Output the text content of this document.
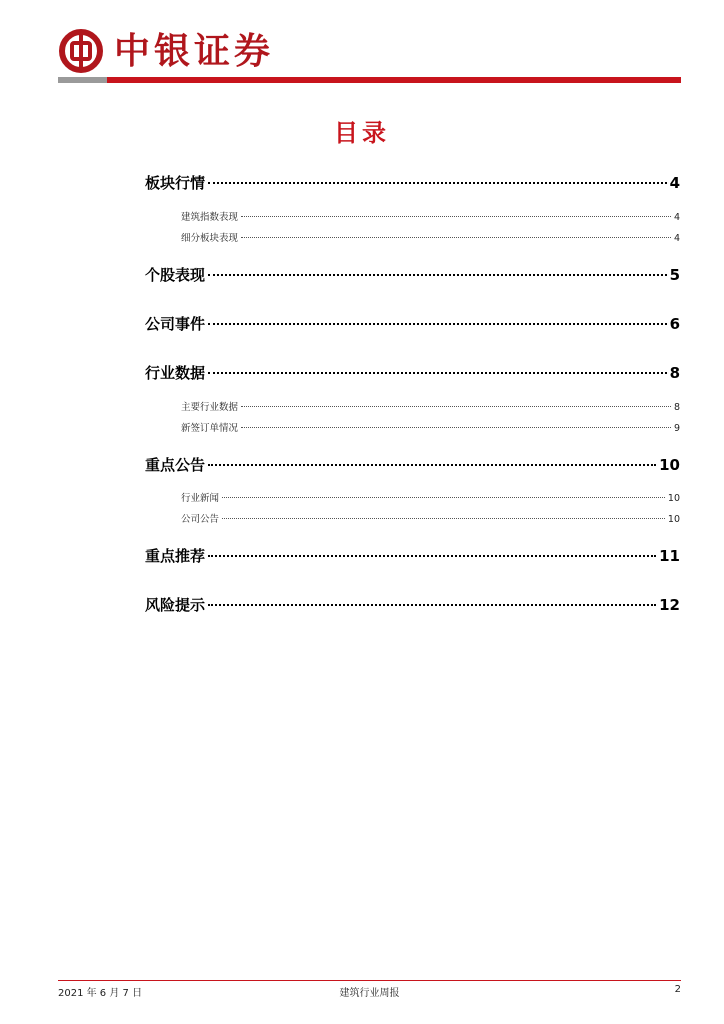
中银证券
目录
板块行情	4
建筑指数表现	4
细分板块表现	4
个股表现	5
公司事件	6
行业数据	8
主要行业数据	8
新签订单情况	9
重点公告	10
行业新闻	10
公司公告	10
重点推荐	11
风险提示	12
2021 年 6 月 7 日	建筑行业周报	2
